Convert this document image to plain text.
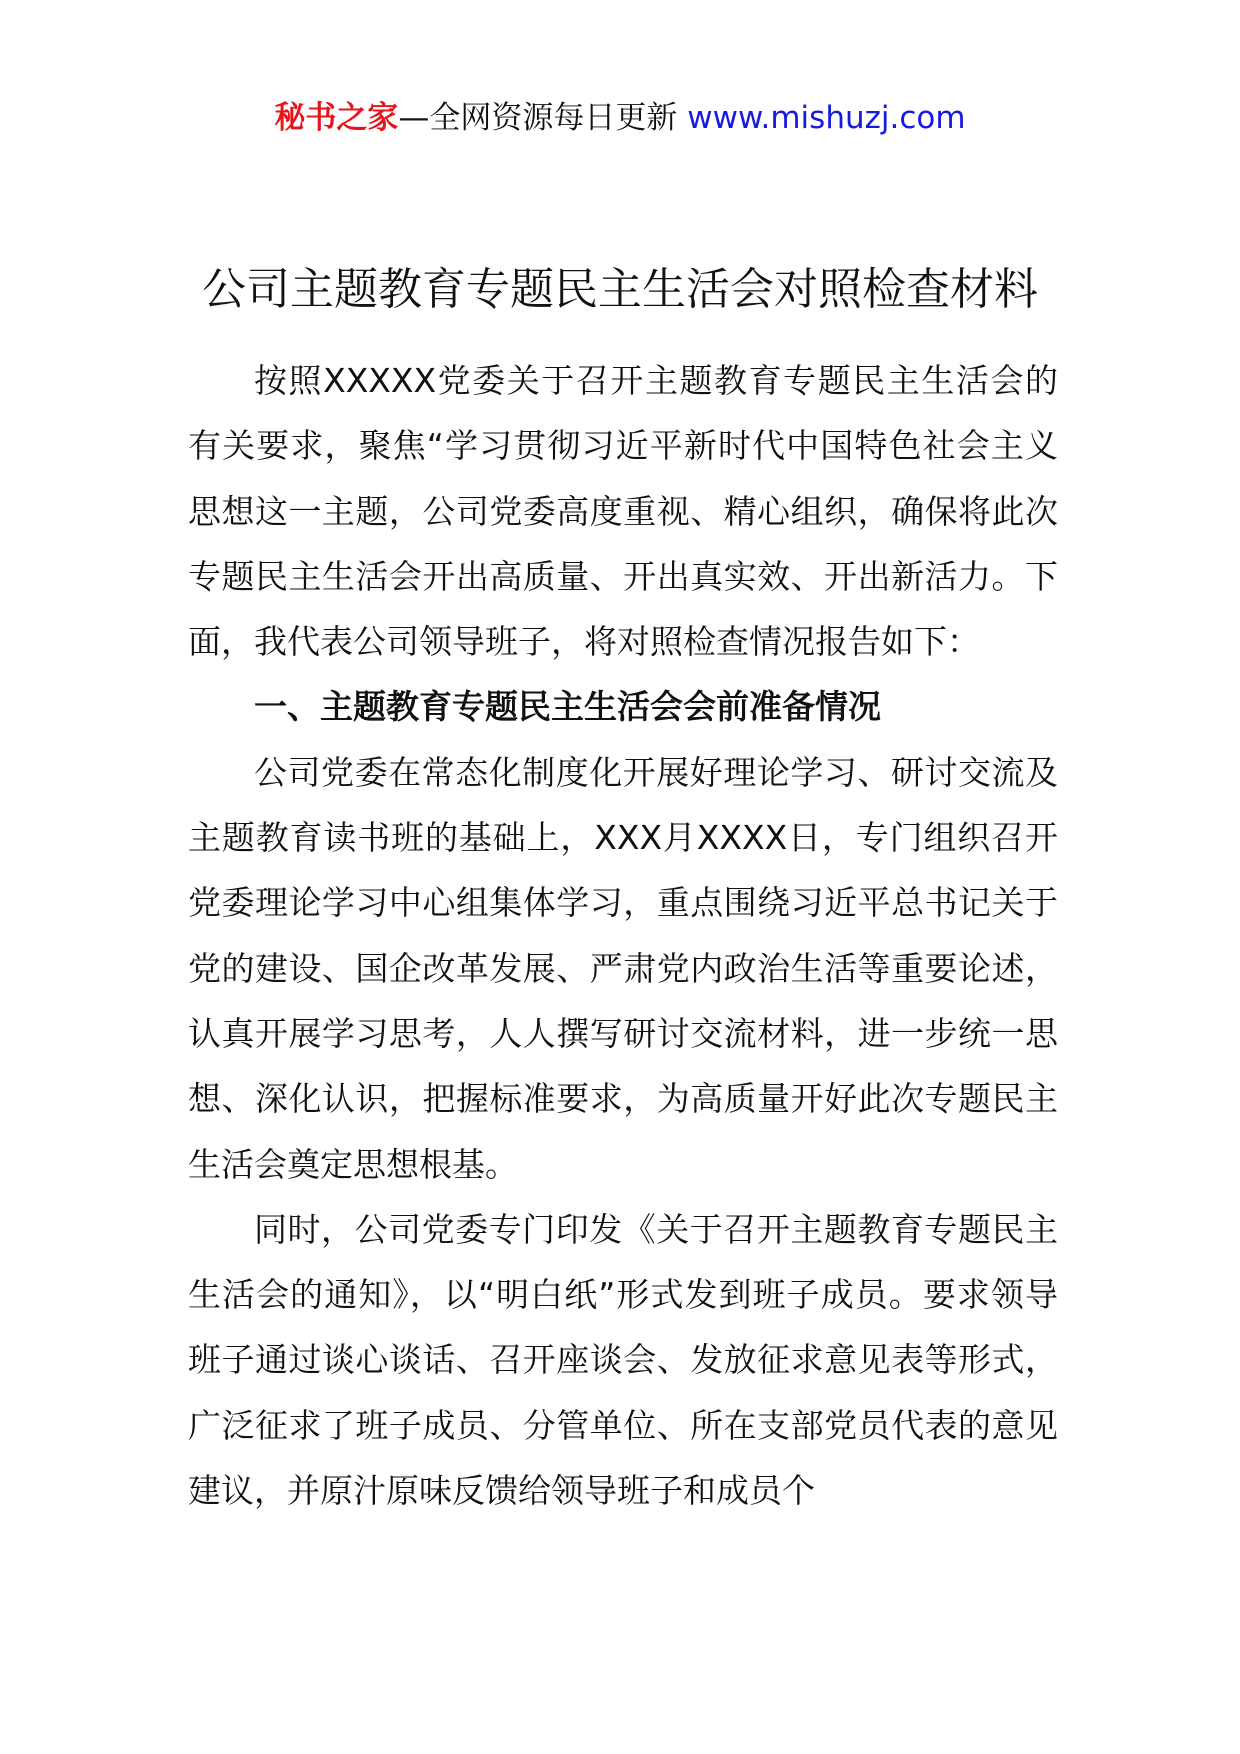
秘书之家—全网资源每日更新 www.mishuzj.com
公司主题教育专题民主生活会对照检查材料

按照XXXXX党委关于召开主题教育专题民主生活会的有关要求，聚焦“学习贯彻习近平新时代中国特色社会主义思想这一主题，公司党委高度重视、精心组织，确保将此次专题民主生活会开出高质量、开出真实效、开出新活力。下面，我代表公司领导班子，将对照检查情况报告如下：

一、主题教育专题民主生活会会前准备情况

公司党委在常态化制度化开展好理论学习、研讨交流及主题教育读书班的基础上，XXX月XXXX日，专门组织召开党委理论学习中心组集体学习，重点围绕习近平总书记关于党的建设、国企改革发展、严肃党内政治生活等重要论述，认真开展学习思考，人人撰写研讨交流材料，进一步统一思想、深化认识，把握标准要求，为高质量开好此次专题民主生活会奠定思想根基。

同时，公司党委专门印发《关于召开主题教育专题民主生活会的通知》，以“明白纸”形式发到班子成员。要求领导班子通过谈心谈话、召开座谈会、发放征求意见表等形式，广泛征求了班子成员、分管单位、所在支部党员代表的意见建议，并原汁原味反馈给领导班子和成员个
